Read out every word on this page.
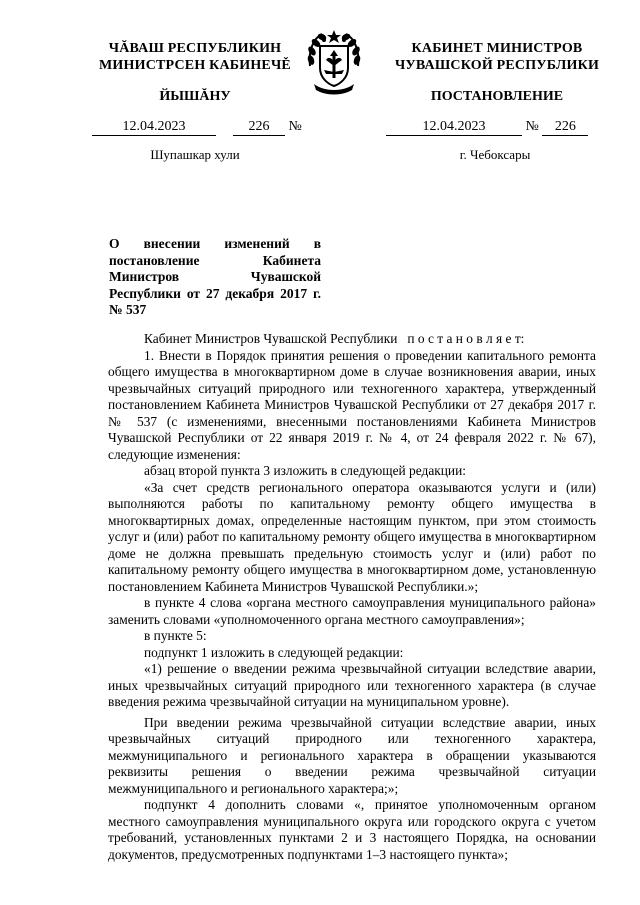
ЧĂВАШ РЕСПУБЛИКИН
МИНИСТРСЕН КАБИНЕЧĚ
КАБИНЕТ МИНИСТРОВ
ЧУВАШСКОЙ РЕСПУБЛИКИ
ЙЫШĂНУ	ПОСТАНОВЛЕНИЕ
12.04.2023	226 №	12.04.2023	№ 226
Шупашкар хули	г. Чебоксары
О внесении изменений в постановление Кабинета Министров Чувашской Республики от 27 декабря 2017 г. № 537

Кабинет Министров Чувашской Республики п о с т а н о в л я е т:

1. Внести в Порядок принятия решения о проведении капитального ремонта общего имущества в многоквартирном доме в случае возникновения аварии, иных чрезвычайных ситуаций природного или техногенного характера, утвержденный постановлением Кабинета Министров Чувашской Республики от 27 декабря 2017 г. № 537 (с изменениями, внесенными постановлениями Кабинета Министров Чувашской Республики от 22 января 2019 г. № 4, от 24 февраля 2022 г. № 67), следующие изменения:

абзац второй пункта 3 изложить в следующей редакции:

«За счет средств регионального оператора оказываются услуги и (или) выполняются работы по капитальному ремонту общего имущества в многоквартирных домах, определенные настоящим пунктом, при этом стоимость услуг и (или) работ по капитальному ремонту общего имущества в многоквартирном доме не должна превышать предельную стоимость услуг и (или) работ по капитальному ремонту общего имущества в многоквартирном доме, установленную постановлением Кабинета Министров Чувашской Республики.»;

в пункте 4 слова «органа местного самоуправления муниципального района» заменить словами «уполномоченного органа местного самоуправления»;

в пункте 5:

подпункт 1 изложить в следующей редакции:

«1) решение о введении режима чрезвычайной ситуации вследствие аварии, иных чрезвычайных ситуаций природного или техногенного характера (в случае введения режима чрезвычайной ситуации на муниципальном уровне).

При введении режима чрезвычайной ситуации вследствие аварии, иных чрезвычайных ситуаций природного или техногенного характера, межмуниципального и регионального характера в обращении указываются реквизиты решения о введении режима чрезвычайной ситуации межмуниципального и регионального характера;»;

подпункт 4 дополнить словами «, принятое уполномоченным органом местного самоуправления муниципального округа или городского округа с учетом требований, установленных пунктами 2 и 3 настоящего Порядка, на основании документов, предусмотренных подпунктами 1–3 настоящего пункта»;
